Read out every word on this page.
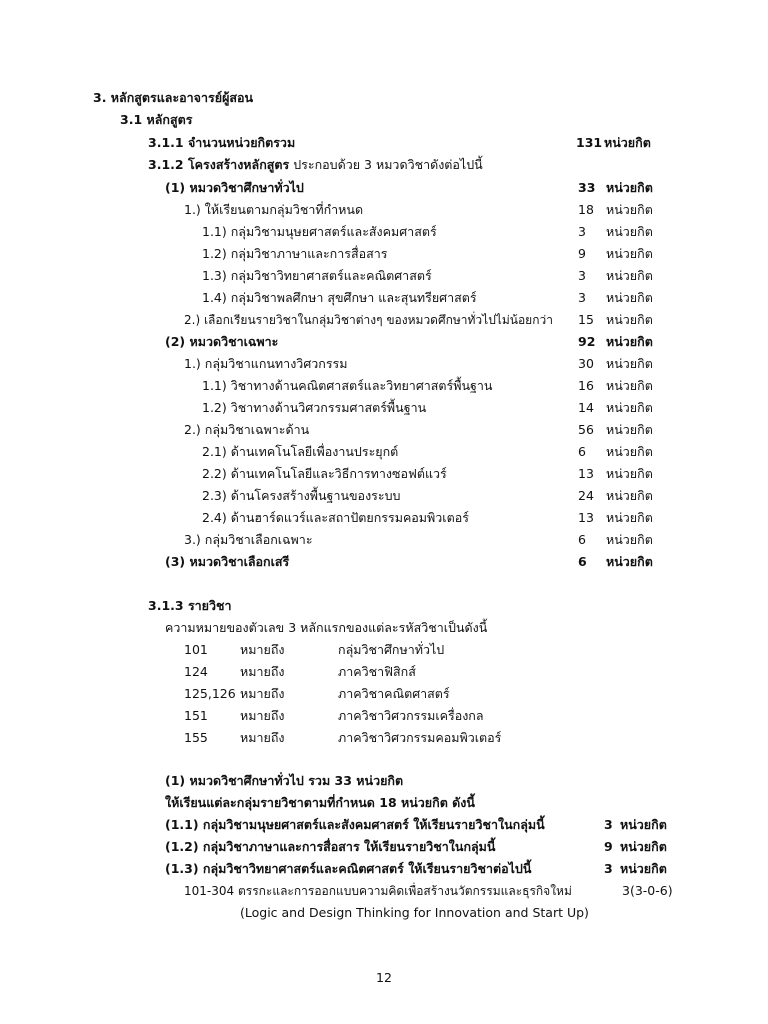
3. หลักสูตรและอาจารย์ผู้สอน
3.1 หลักสูตร
3.1.1 จำนวนหน่วยกิตรวม	131 หน่วยกิต
3.1.2 โครงสร้างหลักสูตร ประกอบด้วย 3 หมวดวิชาดังต่อไปนี้
(1) หมวดวิชาศึกษาทั่วไป	33 หน่วยกิต
1.) ให้เรียนตามกลุ่มวิชาที่กำหนด	18 หน่วยกิต
1.1) กลุ่มวิชามนุษยศาสตร์และสังคมศาสตร์	3 หน่วยกิต
1.2) กลุ่มวิชาภาษาและการสื่อสาร	9 หน่วยกิต
1.3) กลุ่มวิชาวิทยาศาสตร์และคณิตศาสตร์	3 หน่วยกิต
1.4) กลุ่มวิชาพลศึกษา สุขศึกษา และสุนทรียศาสตร์	3 หน่วยกิต
2.) เลือกเรียนรายวิชาในกลุ่มวิชาต่างๆ ของหมวดศึกษาทั่วไปไม่น้อยกว่า 15 หน่วยกิต
(2) หมวดวิชาเฉพาะ	92 หน่วยกิต
1.) กลุ่มวิชาแกนทางวิศวกรรม	30 หน่วยกิต
1.1) วิชาทางด้านคณิตศาสตร์และวิทยาศาสตร์พื้นฐาน	16 หน่วยกิต
1.2) วิชาทางด้านวิศวกรรมศาสตร์พื้นฐาน	14 หน่วยกิต
2.) กลุ่มวิชาเฉพาะด้าน	56 หน่วยกิต
2.1) ด้านเทคโนโลยีเพื่องานประยุกต์	6 หน่วยกิต
2.2) ด้านเทคโนโลยีและวิธีการทางซอฟต์แวร์	13 หน่วยกิต
2.3) ด้านโครงสร้างพื้นฐานของระบบ	24 หน่วยกิต
2.4) ด้านฮาร์ดแวร์และสถาปัตยกรรมคอมพิวเตอร์	13 หน่วยกิต
3.) กลุ่มวิชาเลือกเฉพาะ	6 หน่วยกิต
(3) หมวดวิชาเลือกเสรี	6 หน่วยกิต
3.1.3 รายวิชา
ความหมายของตัวเลข 3 หลักแรกของแต่ละรหัสวิชาเป็นดังนี้
101	หมายถึง	กลุ่มวิชาศึกษาทั่วไป
124	หมายถึง	ภาควิชาฟิสิกส์
125,126 หมายถึง	ภาควิชาคณิตศาสตร์
151	หมายถึง	ภาควิชาวิศวกรรมเครื่องกล
155	หมายถึง	ภาควิชาวิศวกรรมคอมพิวเตอร์
(1) หมวดวิชาศึกษาทั่วไป รวม 33 หน่วยกิต
ให้เรียนแต่ละกลุ่มรายวิชาตามที่กำหนด 18 หน่วยกิต ดังนี้
(1.1) กลุ่มวิชามนุษยศาสตร์และสังคมศาสตร์ ให้เรียนรายวิชาในกลุ่มนี้	3 หน่วยกิต
(1.2) กลุ่มวิชาภาษาและการสื่อสาร ให้เรียนรายวิชาในกลุ่มนี้	9 หน่วยกิต
(1.3) กลุ่มวิชาวิทยาศาสตร์และคณิตศาสตร์ ให้เรียนรายวิชาต่อไปนี้	3 หน่วยกิต
101-304 ตรรกะและการออกแบบความคิดเพื่อสร้างนวัตกรรมและธุรกิจใหม่	3(3-0-6)
(Logic and Design Thinking for Innovation and Start Up)
12
